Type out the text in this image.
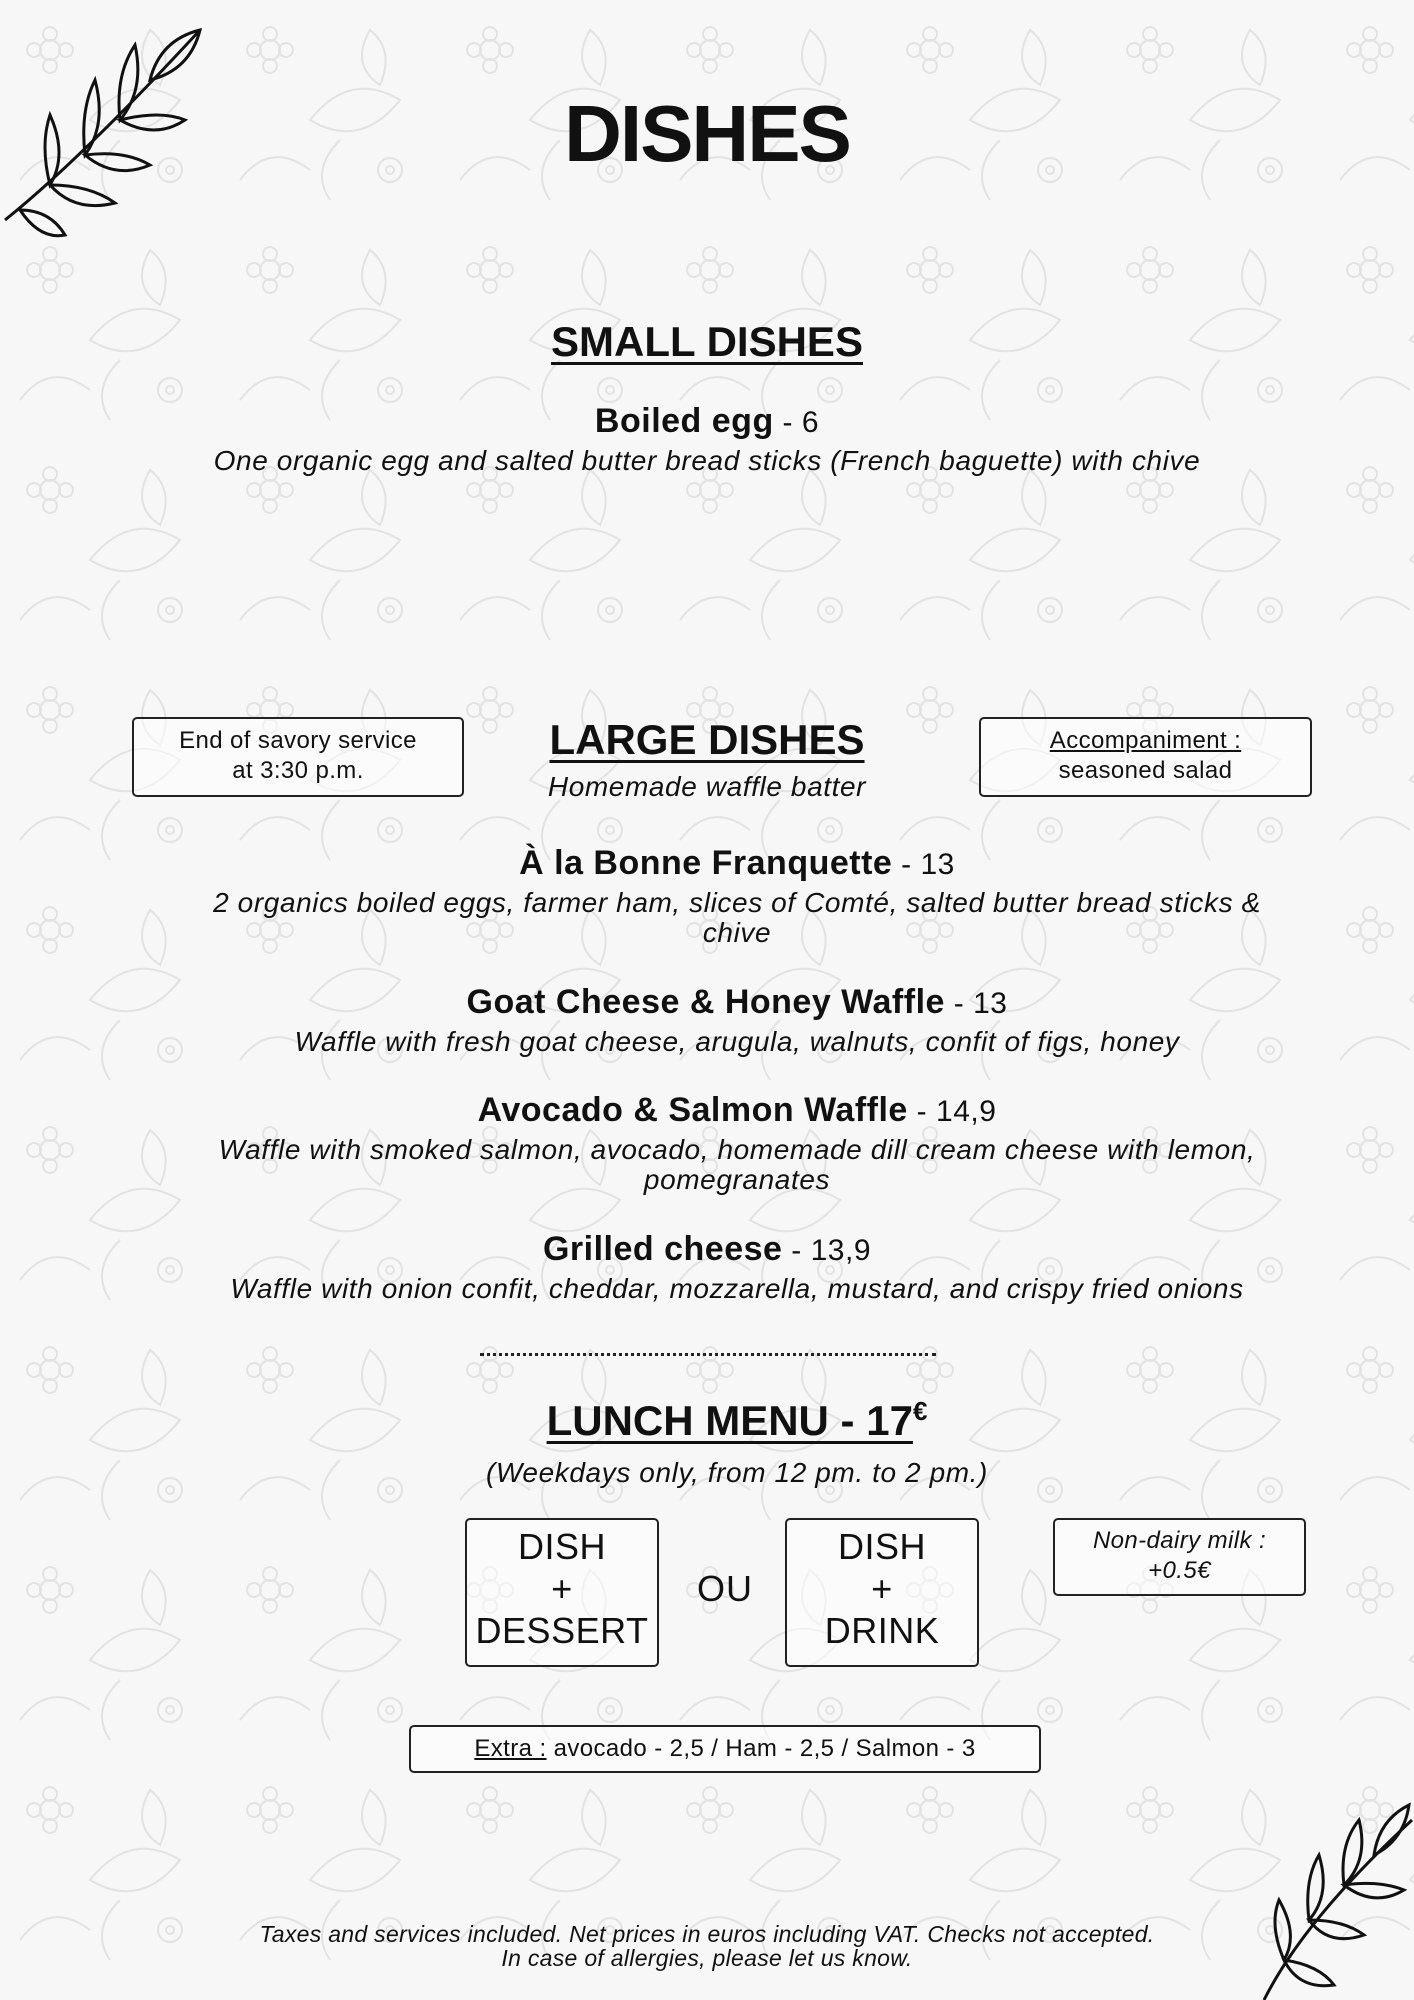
DISHES
SMALL DISHES
Boiled egg - 6
One organic egg and salted butter bread sticks (French baguette) with chive
End of savory service
at 3:30 p.m.
Accompaniment :
seasoned salad
LARGE DISHES
Homemade waffle batter
À la Bonne Franquette - 13
2 organics boiled eggs, farmer ham, slices of Comté, salted butter bread sticks &
chive
Goat Cheese & Honey Waffle - 13
Waffle with fresh goat cheese, arugula, walnuts, confit of figs, honey
Avocado & Salmon Waffle - 14,9
Waffle with smoked salmon, avocado, homemade dill cream cheese with lemon,
pomegranates
Grilled cheese - 13,9
Waffle with onion confit, cheddar, mozzarella, mustard, and crispy fried onions
LUNCH MENU - 17€
(Weekdays only, from 12 pm. to 2 pm.)
DISH
+
DESSERT
OU
DISH
+
DRINK
Non-dairy milk :
+0.5€
Extra : avocado - 2,5 / Ham - 2,5 / Salmon - 3
Taxes and services included. Net prices in euros including VAT. Checks not accepted.
In case of allergies, please let us know.
